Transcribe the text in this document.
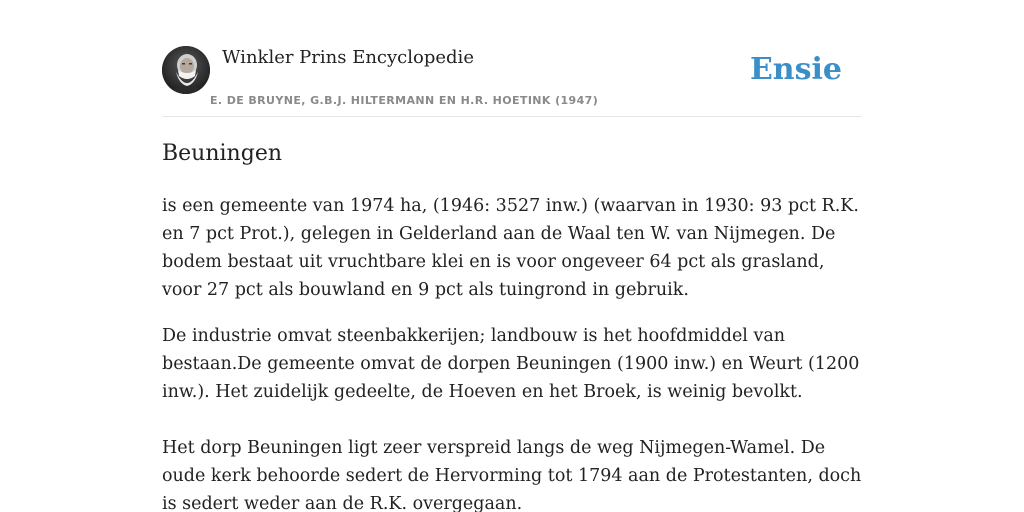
Winkler Prins Encyclopedie
E. DE BRUYNE, G.B.J. HILTERMANN EN H.R. HOETINK (1947)
Ensie
Beuningen

is een gemeente van 1974 ha, (1946: 3527 inw.) (waarvan in 1930: 93 pct R.K. en 7 pct Prot.), gelegen in Gelderland aan de Waal ten W. van Nijmegen. De bodem bestaat uit vruchtbare klei en is voor ongeveer 64 pct als grasland, voor 27 pct als bouwland en 9 pct als tuingrond in gebruik.

De industrie omvat steenbakkerijen; landbouw is het hoofdmiddel van bestaan.De gemeente omvat de dorpen Beuningen (1900 inw.) en Weurt (1200 inw.). Het zuidelijk gedeelte, de Hoeven en het Broek, is weinig bevolkt.

Het dorp Beuningen ligt zeer verspreid langs de weg Nijmegen-Wamel. De oude kerk behoorde sedert de Hervorming tot 1794 aan de Protestanten, doch is sedert weder aan de R.K. overgegaan.
